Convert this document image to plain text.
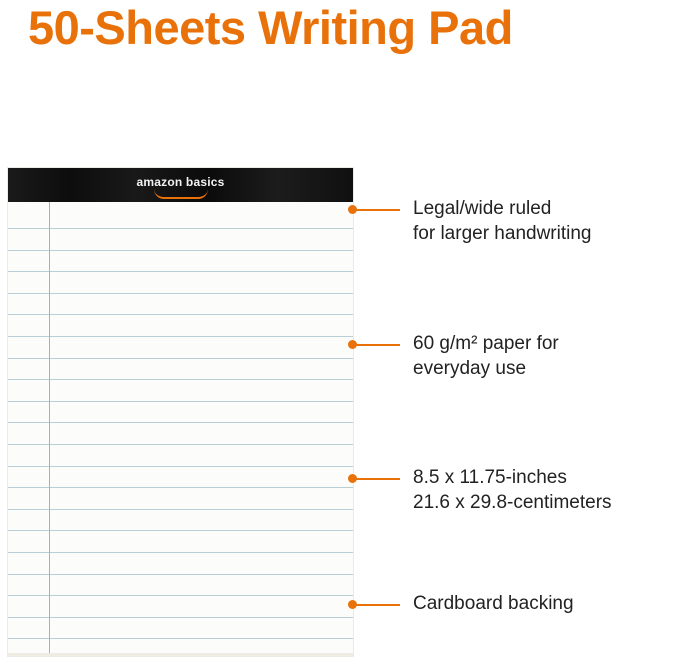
50-Sheets Writing Pad
amazon basics
Legal/wide ruled
for larger handwriting
60 g/m² paper for
everyday use
8.5 x 11.75-inches
21.6 x 29.8-centimeters
Cardboard backing
